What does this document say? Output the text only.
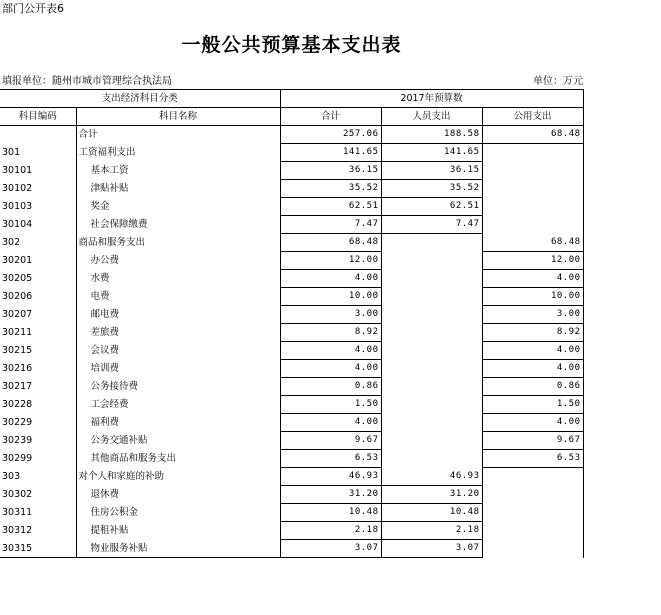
部门公开表6
一般公共预算基本支出表
填报单位：随州市城市管理综合执法局	单位：万元
支出经济科目分类		2017年预算数		
科目编码	科目名称	合计	人员支出	公用支出
	合计	257.06	188.58	68.48
301	工资福利支出	141.65	141.65	
30101	基本工资	36.15	36.15	
30102	津贴补贴	35.52	35.52	
30103	奖金	62.51	62.51	
30104	社会保障缴费	7.47	7.47	
302	商品和服务支出	68.48		68.48
30201	办公费	12.00		12.00
30205	水费	4.00		4.00
30206	电费	10.00		10.00
30207	邮电费	3.00		3.00
30211	差旅费	8.92		8.92
30215	会议费	4.00		4.00
30216	培训费	4.00		4.00
30217	公务接待费	0.86		0.86
30228	工会经费	1.50		1.50
30229	福利费	4.00		4.00
30239	公务交通补贴	9.67		9.67
30299	其他商品和服务支出	6.53		6.53
303	对个人和家庭的补助	46.93	46.93	
30302	退休费	31.20	31.20	
30311	住房公积金	10.48	10.48	
30312	提租补贴	2.18	2.18	
30315	物业服务补贴	3.07	3.07	
